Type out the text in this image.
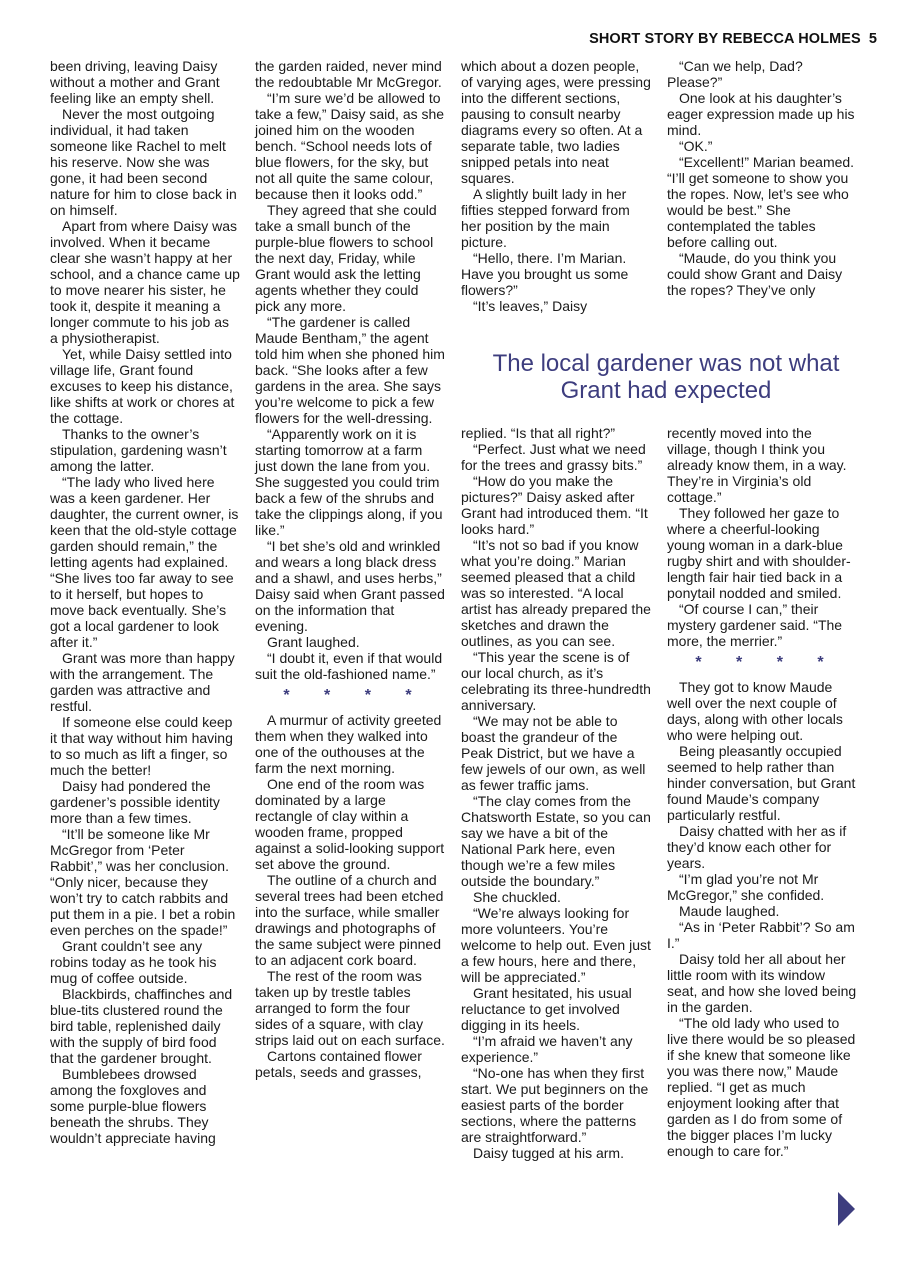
SHORT STORY BY REBECCA HOLMES 5

been driving, leaving Daisy without a mother and Grant feeling like an empty shell.

Never the most outgoing individual, it had taken someone like Rachel to melt his reserve. Now she was gone, it had been second nature for him to close back in on himself.

Apart from where Daisy was involved. When it became clear she wasn’t happy at her school, and a chance came up to move nearer his sister, he took it, despite it meaning a longer commute to his job as a physiotherapist.

Yet, while Daisy settled into village life, Grant found excuses to keep his distance, like shifts at work or chores at the cottage.

Thanks to the owner’s stipulation, gardening wasn’t among the latter.

“The lady who lived here was a keen gardener. Her daughter, the current owner, is keen that the old-style cottage garden should remain,” the letting agents had explained. “She lives too far away to see to it herself, but hopes to move back eventually. She’s got a local gardener to look after it.”

Grant was more than happy with the arrangement. The garden was attractive and restful.

If someone else could keep it that way without him having to so much as lift a finger, so much the better!

Daisy had pondered the gardener’s possible identity more than a few times.

“It’ll be someone like Mr McGregor from ‘Peter Rabbit’,” was her conclusion. “Only nicer, because they won’t try to catch rabbits and put them in a pie. I bet a robin even perches on the spade!”

Grant couldn’t see any robins today as he took his mug of coffee outside.

Blackbirds, chaffinches and blue-tits clustered round the bird table, replenished daily with the supply of bird food that the gardener brought.

Bumblebees drowsed among the foxgloves and some purple-blue flowers beneath the shrubs. They wouldn’t appreciate having

the garden raided, never mind the redoubtable Mr McGregor.

“I’m sure we’d be allowed to take a few,” Daisy said, as she joined him on the wooden bench. “School needs lots of blue flowers, for the sky, but not all quite the same colour, because then it looks odd.”

They agreed that she could take a small bunch of the purple-blue flowers to school the next day, Friday, while Grant would ask the letting agents whether they could pick any more.

“The gardener is called Maude Bentham,” the agent told him when she phoned him back. “She looks after a few gardens in the area. She says you’re welcome to pick a few flowers for the well-dressing.

“Apparently work on it is starting tomorrow at a farm just down the lane from you. She suggested you could trim back a few of the shrubs and take the clippings along, if you like.”

“I bet she’s old and wrinkled and wears a long black dress and a shawl, and uses herbs,” Daisy said when Grant passed on the information that evening.

Grant laughed.

“I doubt it, even if that would suit the old-fashioned name.”

* * * *

A murmur of activity greeted them when they walked into one of the outhouses at the farm the next morning.

One end of the room was dominated by a large rectangle of clay within a wooden frame, propped against a solid-looking support set above the ground.

The outline of a church and several trees had been etched into the surface, while smaller drawings and photographs of the same subject were pinned to an adjacent cork board.

The rest of the room was taken up by trestle tables arranged to form the four sides of a square, with clay strips laid out on each surface.

Cartons contained flower petals, seeds and grasses,

which about a dozen people, of varying ages, were pressing into the different sections, pausing to consult nearby diagrams every so often. At a separate table, two ladies snipped petals into neat squares.

A slightly built lady in her fifties stepped forward from her position by the main picture.

“Hello, there. I’m Marian. Have you brought us some flowers?”

“It’s leaves,” Daisy

“Can we help, Dad? Please?”

One look at his daughter’s eager expression made up his mind.

“OK.”

“Excellent!” Marian beamed. “I’ll get someone to show you the ropes. Now, let’s see who would be best.” She contemplated the tables before calling out.

“Maude, do you think you could show Grant and Daisy the ropes? They’ve only

The local gardener was not what Grant had expected

replied. “Is that all right?”

“Perfect. Just what we need for the trees and grassy bits.”

“How do you make the pictures?” Daisy asked after Grant had introduced them. “It looks hard.”

“It’s not so bad if you know what you’re doing.” Marian seemed pleased that a child was so interested. “A local artist has already prepared the sketches and drawn the outlines, as you can see.

“This year the scene is of our local church, as it’s celebrating its three-hundredth anniversary.

“We may not be able to boast the grandeur of the Peak District, but we have a few jewels of our own, as well as fewer traffic jams.

“The clay comes from the Chatsworth Estate, so you can say we have a bit of the National Park here, even though we’re a few miles outside the boundary.”

She chuckled.

“We’re always looking for more volunteers. You’re welcome to help out. Even just a few hours, here and there, will be appreciated.”

Grant hesitated, his usual reluctance to get involved digging in its heels.

“I’m afraid we haven’t any experience.”

“No-one has when they first start. We put beginners on the easiest parts of the border sections, where the patterns are straightforward.”

Daisy tugged at his arm.

recently moved into the village, though I think you already know them, in a way. They’re in Virginia’s old cottage.”

They followed her gaze to where a cheerful-looking young woman in a dark-blue rugby shirt and with shoulder-length fair hair tied back in a ponytail nodded and smiled.

“Of course I can,” their mystery gardener said. “The more, the merrier.”

* * * *

They got to know Maude well over the next couple of days, along with other locals who were helping out.

Being pleasantly occupied seemed to help rather than hinder conversation, but Grant found Maude’s company particularly restful.

Daisy chatted with her as if they’d know each other for years.

“I’m glad you’re not Mr McGregor,” she confided.

Maude laughed.

“As in ‘Peter Rabbit’? So am I.”

Daisy told her all about her little room with its window seat, and how she loved being in the garden.

“The old lady who used to live there would be so pleased if she knew that someone like you was there now,” Maude replied. “I get as much enjoyment looking after that garden as I do from some of the bigger places I’m lucky enough to care for.”
